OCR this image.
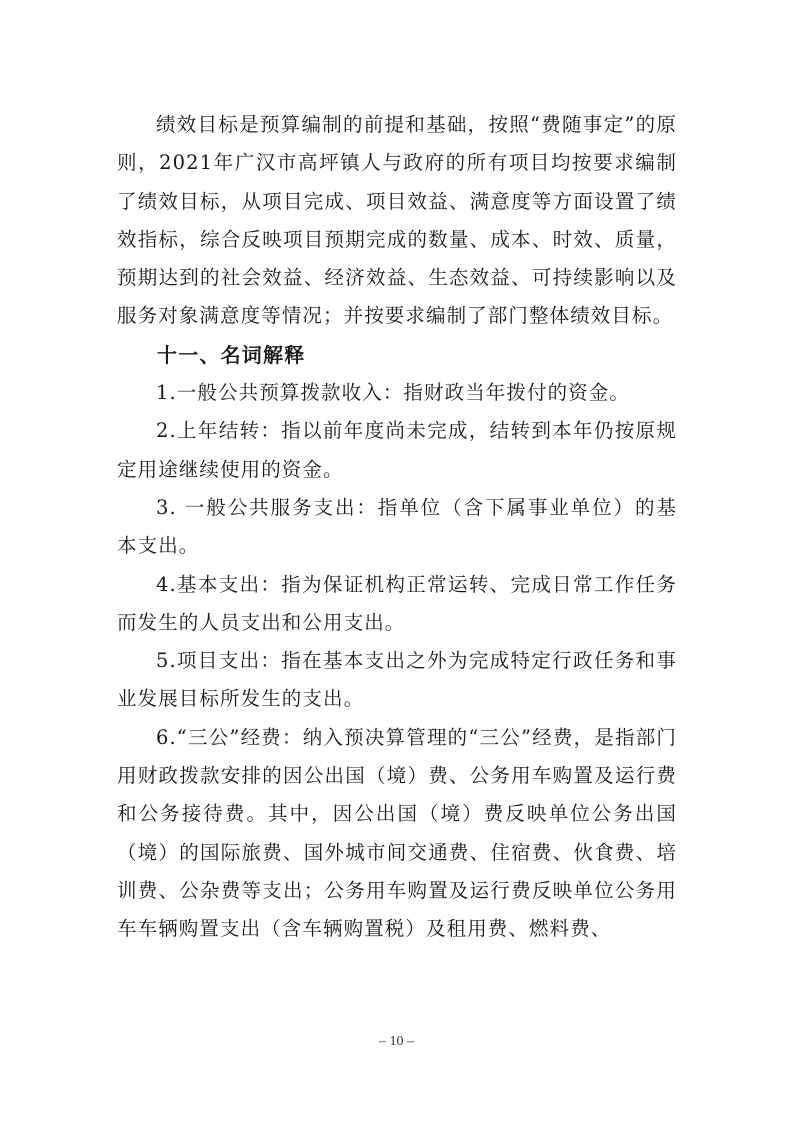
绩效目标是预算编制的前提和基础，按照“费随事定”的原则，2021年广汉市高坪镇人与政府的所有项目均按要求编制了绩效目标，从项目完成、项目效益、满意度等方面设置了绩效指标，综合反映项目预期完成的数量、成本、时效、质量，预期达到的社会效益、经济效益、生态效益、可持续影响以及服务对象满意度等情况；并按要求编制了部门整体绩效目标。

十一、名词解释

1.一般公共预算拨款收入：指财政当年拨付的资金。

2.上年结转：指以前年度尚未完成，结转到本年仍按原规定用途继续使用的资金。

3. 一般公共服务支出：指单位（含下属事业单位）的基本支出。

4.基本支出：指为保证机构正常运转、完成日常工作任务而发生的人员支出和公用支出。

5.项目支出：指在基本支出之外为完成特定行政任务和事业发展目标所发生的支出。

6.“三公”经费：纳入预决算管理的“三公”经费，是指部门用财政拨款安排的因公出国（境）费、公务用车购置及运行费和公务接待费。其中，因公出国（境）费反映单位公务出国（境）的国际旅费、国外城市间交通费、住宿费、伙食费、培训费、公杂费等支出；公务用车购置及运行费反映单位公务用车车辆购置支出（含车辆购置税）及租用费、燃料费、

– 10 –
